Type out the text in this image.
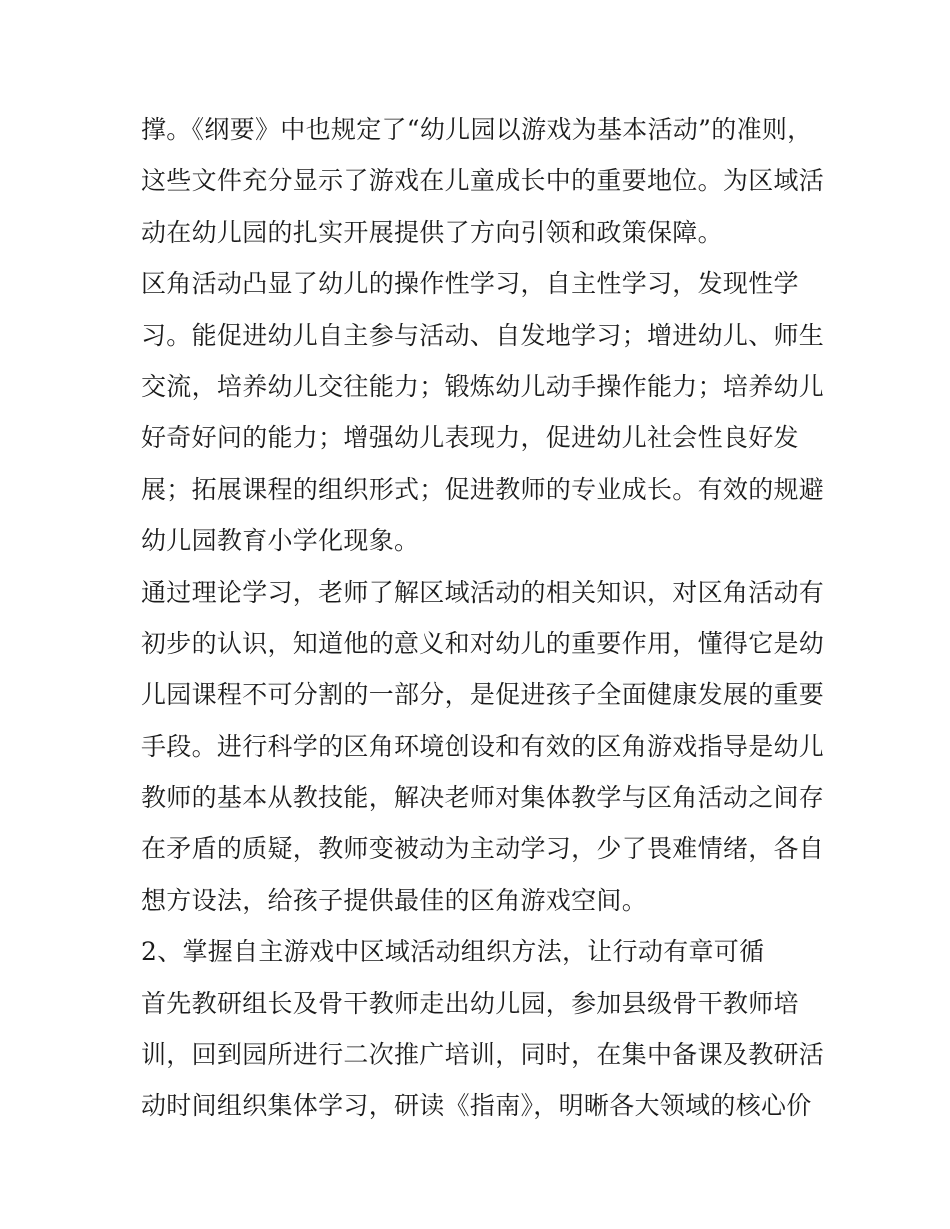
撑。《纲要》中也规定了“幼儿园以游戏为基本活动”的准则，
这些文件充分显示了游戏在儿童成长中的重要地位。为区域活
动在幼儿园的扎实开展提供了方向引领和政策保障。
区角活动凸显了幼儿的操作性学习，自主性学习，发现性学
习。能促进幼儿自主参与活动、自发地学习；增进幼儿、师生
交流，培养幼儿交往能力；锻炼幼儿动手操作能力；培养幼儿
好奇好问的能力；增强幼儿表现力，促进幼儿社会性良好发
展；拓展课程的组织形式；促进教师的专业成长。有效的规避
幼儿园教育小学化现象。
通过理论学习，老师了解区域活动的相关知识，对区角活动有
初步的认识，知道他的意义和对幼儿的重要作用，懂得它是幼
儿园课程不可分割的一部分，是促进孩子全面健康发展的重要
手段。进行科学的区角环境创设和有效的区角游戏指导是幼儿
教师的基本从教技能，解决老师对集体教学与区角活动之间存
在矛盾的质疑，教师变被动为主动学习，少了畏难情绪，各自
想方设法，给孩子提供最佳的区角游戏空间。
2、掌握自主游戏中区域活动组织方法，让行动有章可循
首先教研组长及骨干教师走出幼儿园，参加县级骨干教师培
训，回到园所进行二次推广培训，同时，在集中备课及教研活
动时间组织集体学习，研读《指南》，明晰各大领域的核心价
